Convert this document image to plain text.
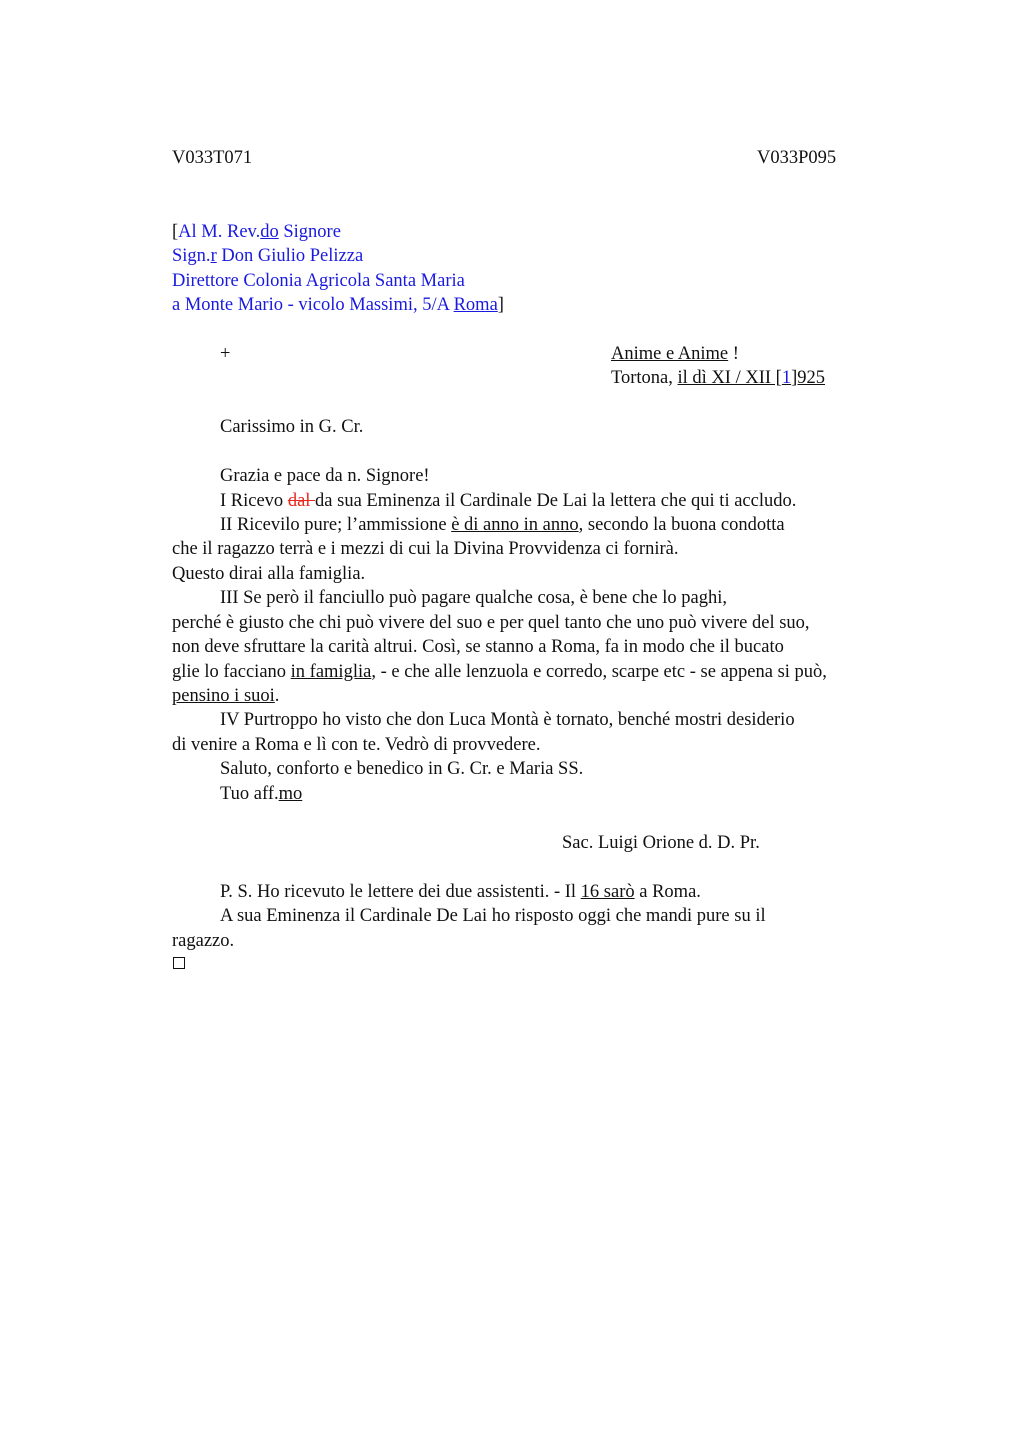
V033T071	V033P095
[Al M. Rev.do Signore
Sign.r Don Giulio Pelizza
Direttore Colonia Agricola Santa Maria
a Monte Mario - vicolo Massimi, 5/A Roma]
+	Anime e Anime !
Tortona, il dì XI / XII [1]925
Carissimo in G. Cr.
Grazia e pace da n. Signore!
I Ricevo dal da sua Eminenza il Cardinale De Lai la lettera che qui ti accludo.
II Ricevilo pure; l’ammissione è di anno in anno, secondo la buona condotta
che il ragazzo terrà e i mezzi di cui la Divina Provvidenza ci fornirà.
Questo dirai alla famiglia.
III Se però il fanciullo può pagare qualche cosa, è bene che lo paghi,
perché è giusto che chi può vivere del suo e per quel tanto che uno può vivere del suo,
non deve sfruttare la carità altrui. Così, se stanno a Roma, fa in modo che il bucato
glie lo facciano in famiglia, - e che alle lenzuola e corredo, scarpe etc - se appena si può,
pensino i suoi.
IV Purtroppo ho visto che don Luca Montà è tornato, benché mostri desiderio
di venire a Roma e lì con te. Vedrò di provvedere.
Saluto, conforto e benedico in G. Cr. e Maria SS.
Tuo aff.mo
Sac. Luigi Orione d. D. Pr.
P. S. Ho ricevuto le lettere dei due assistenti. - Il 16 sarò a Roma.
A sua Eminenza il Cardinale De Lai ho risposto oggi che mandi pure su il
ragazzo.
